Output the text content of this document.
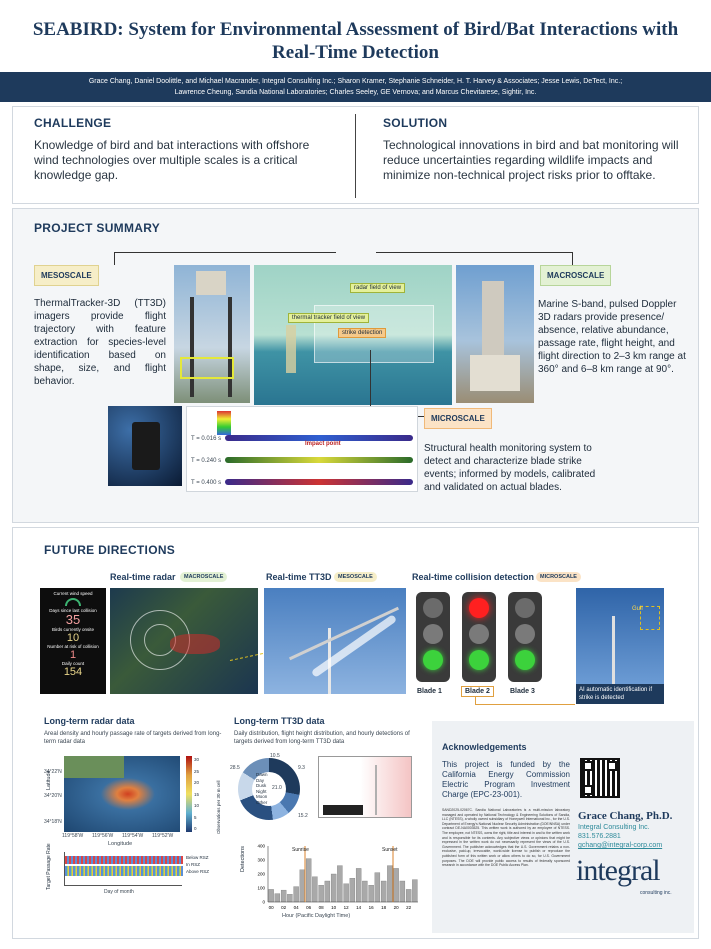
SEABIRD: System for Environmental Assessment of Bird/Bat Interactions with Real-Time Detection
Grace Chang, Daniel Doolittle, and Michael Macrander, Integral Consulting Inc.; Sharon Kramer, Stephanie Schneider, H. T. Harvey & Associates; Jesse Lewis, DeTect, Inc.;
Lawrence Cheung, Sandia National Laboratories; Charles Seeley, GE Vernova; and Marcus Chevitarese, Sightir, Inc.
CHALLENGE
Knowledge of bird and bat interactions with offshore wind technologies over multiple scales is a critical knowledge gap.
SOLUTION
Technological innovations in bird and bat monitoring will reduce uncertainties regarding wildlife impacts and minimize non-technical project risks prior to offtake.
PROJECT SUMMARY
MESOSCALE
ThermalTracker-3D (TT3D) imagers provide flight trajectory with feature extraction for species-level identification based on shape, size, and flight behavior.
radar field of view
thermal tracker field of view
strike detection
MACROSCALE
Marine S-band, pulsed Doppler 3D radars provide presence/ absence, relative abundance, passage rate, flight height, and flight direction to 2–3 km range at 360° and 6–8 km range at 90°.
T = 0.016 s
Impact point
T = 0.240 s
T = 0.400 s
MICROSCALE
Structural health monitoring system to detect and characterize blade strike events; informed by models, calibrated and validated on actual blades.
FUTURE DIRECTIONS
Real-time radar	MACROSCALE	Real-time TT3D	MESOSCALE	Real-time collision detection	MICROSCALE
Current wind speed
Days since last collision
35
Birds currently onsite
10
Number at risk of collision
1
Daily count
154
Blade 1	Blade 2	Blade 3
Gull
AI automatic identification if strike is detected
Long-term radar data
Areal density and hourly passage rate of targets derived from long-term radar data
Latitude
34°22'N
34°20'N
34°18'N
119°58'W 119°56'W 119°54'W 119°52'W
Longitude
30
25
20
15
10
5
0	Observations per 30 m cell
Target Passage Rate
Day of month
Below RSZ
In RSZ
Above RSZ
Long-term TT3D data
Daily distribution, flight height distribution, and hourly detections of targets derived from long-term TT3D data
Dawn
Day
Dusk
Night
Moon
Other
28.5
10.5
9.3
21.0
15.2
Detections	Sunrise	Sunset
400
300
200
100
0
00 02 04 06 08 10 12 14 16 18 20 22
Hour (Pacific Daylight Time)
Acknowledgements
This project is funded by the California Energy Commission Electric Program Investment Charge (EPC-23-001).
SAND2025-02067C. Sandia National Laboratories is a multi-mission laboratory managed and operated by National Technology & Engineering Solutions of Sandia, LLC (NTESS), a wholly owned subsidiary of Honeywell International Inc., for the U.S. Department of Energy's National Nuclear Security Administration (DOE/NNSA) under contract DE-NA0003525. This written work is authored by an employee of NTESS. The employee, not NTESS, owns the right, title and interest in and to the written work and is responsible for its contents. Any subjective views or opinions that might be expressed in the written work do not necessarily represent the views of the U.S. Government. The publisher acknowledges that the U.S. Government retains a non-exclusive, paid-up, irrevocable, world-wide license to publish or reproduce the published form of this written work or allow others to do so, for U.S. Government purposes. The DOE will provide public access to results of federally sponsored research in accordance with the DOE Public Access Plan.
Grace Chang, Ph.D.
Integral Consulting Inc.
831.576.2881
gchang@integral-corp.com
integral
consulting inc.
